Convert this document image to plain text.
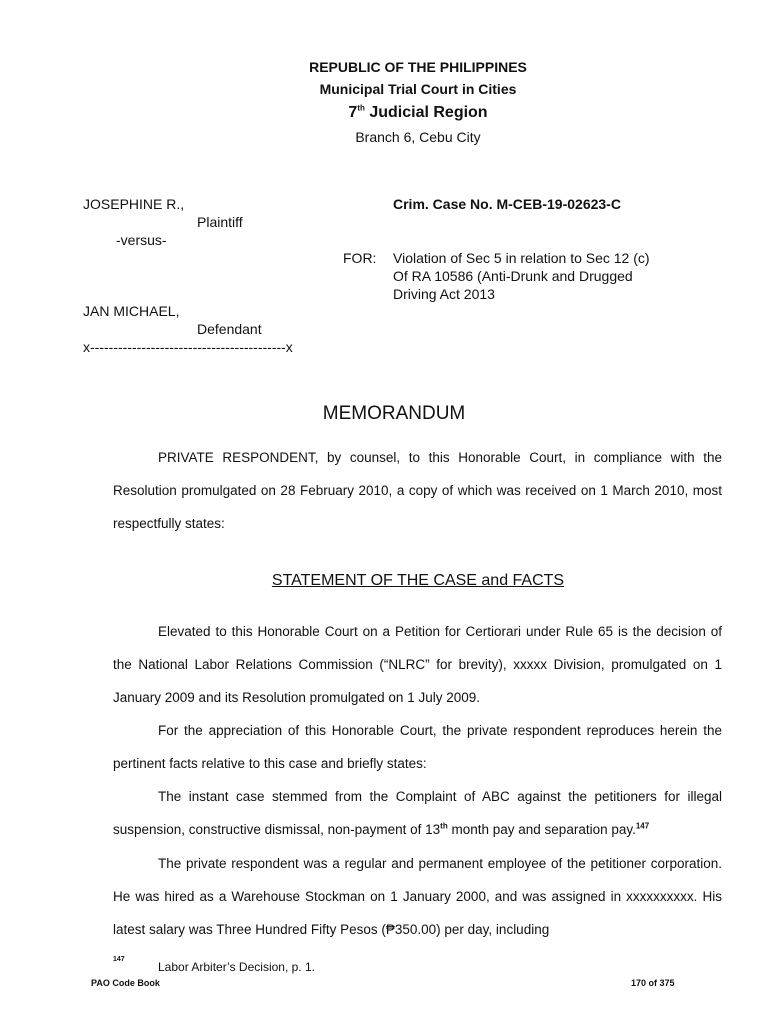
REPUBLIC OF THE PHILIPPINES
Municipal Trial Court in Cities
7th Judicial Region
Branch 6, Cebu City
JOSEPHINE R.,
Plaintiff
-versus-
JAN MICHAEL,
Defendant
x------------------------------------------x
Crim. Case No. M-CEB-19-02623-C
FOR: Violation of Sec 5 in relation to Sec 12 (c)
Of RA 10586 (Anti-Drunk and Drugged
Driving Act 2013
MEMORANDUM

PRIVATE RESPONDENT, by counsel, to this Honorable Court, in compliance with the Resolution promulgated on 28 February 2010, a copy of which was received on 1 March 2010, most respectfully states:

STATEMENT OF THE CASE and FACTS

Elevated to this Honorable Court on a Petition for Certiorari under Rule 65 is the decision of the National Labor Relations Commission (“NLRC” for brevity), xxxxx Division, promulgated on 1 January 2009 and its Resolution promulgated on 1 July 2009.

For the appreciation of this Honorable Court, the private respondent reproduces herein the pertinent facts relative to this case and briefly states:

The instant case stemmed from the Complaint of ABC against the petitioners for illegal suspension, constructive dismissal, non-payment of 13th month pay and separation pay.$^{147}$

The private respondent was a regular and permanent employee of the petitioner corporation. He was hired as a Warehouse Stockman on 1 January 2000, and was assigned in xxxxxxxxxx. His latest salary was Three Hundred Fifty Pesos (₱350.00) per day, including

147
Labor Arbiter’s Decision, p. 1.
PAO Code Book	170 of 375
